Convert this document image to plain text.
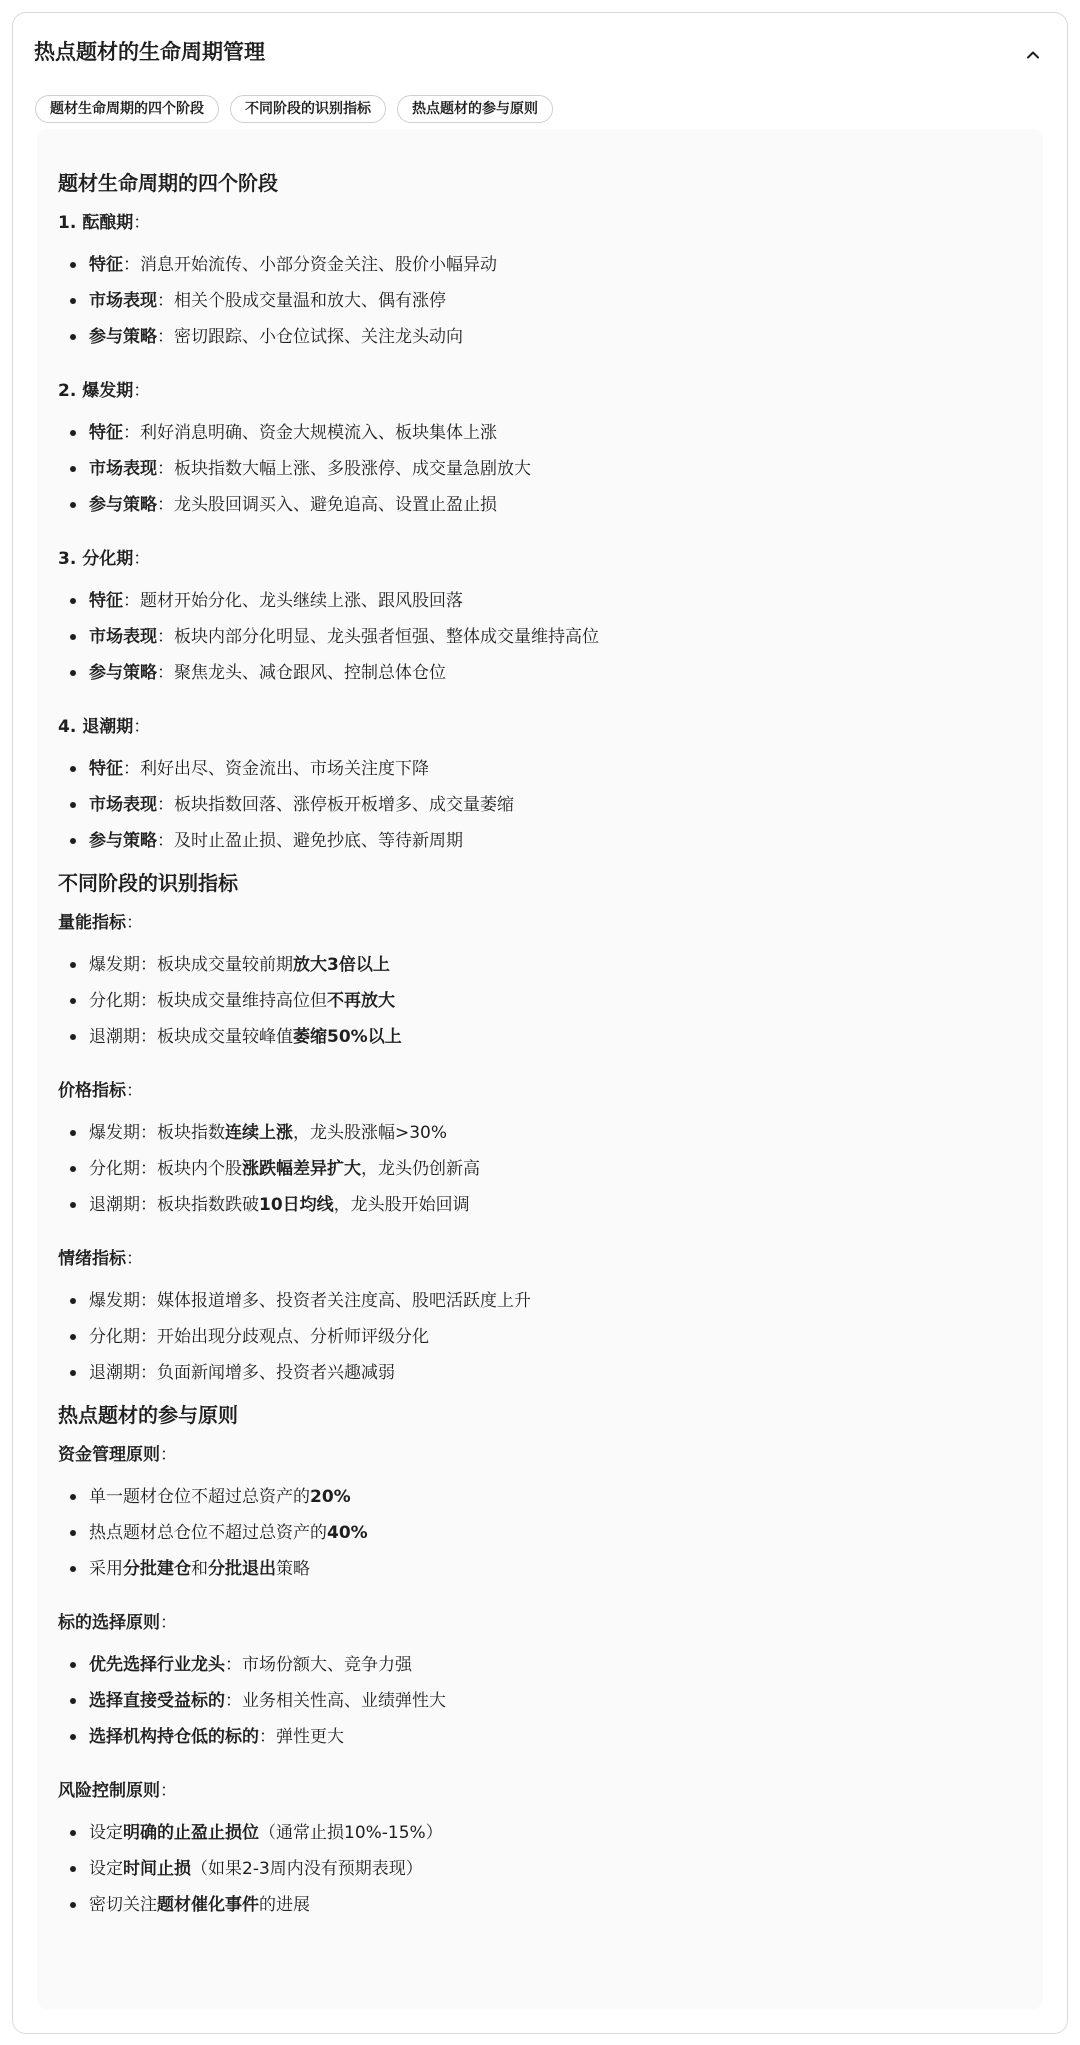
热点题材的生命周期管理
题材生命周期的四个阶段	不同阶段的识别指标	热点题材的参与原则
题材生命周期的四个阶段
1. 酝酿期：
特征：消息开始流传、小部分资金关注、股价小幅异动
市场表现：相关个股成交量温和放大、偶有涨停
参与策略：密切跟踪、小仓位试探、关注龙头动向
2. 爆发期：
特征：利好消息明确、资金大规模流入、板块集体上涨
市场表现：板块指数大幅上涨、多股涨停、成交量急剧放大
参与策略：龙头股回调买入、避免追高、设置止盈止损
3. 分化期：
特征：题材开始分化、龙头继续上涨、跟风股回落
市场表现：板块内部分化明显、龙头强者恒强、整体成交量维持高位
参与策略：聚焦龙头、减仓跟风、控制总体仓位
4. 退潮期：
特征：利好出尽、资金流出、市场关注度下降
市场表现：板块指数回落、涨停板开板增多、成交量萎缩
参与策略：及时止盈止损、避免抄底、等待新周期
不同阶段的识别指标
量能指标：
爆发期：板块成交量较前期放大3倍以上
分化期：板块成交量维持高位但不再放大
退潮期：板块成交量较峰值萎缩50%以上
价格指标：
爆发期：板块指数连续上涨，龙头股涨幅>30%
分化期：板块内个股涨跌幅差异扩大，龙头仍创新高
退潮期：板块指数跌破10日均线，龙头股开始回调
情绪指标：
爆发期：媒体报道增多、投资者关注度高、股吧活跃度上升
分化期：开始出现分歧观点、分析师评级分化
退潮期：负面新闻增多、投资者兴趣减弱
热点题材的参与原则
资金管理原则：
单一题材仓位不超过总资产的20%
热点题材总仓位不超过总资产的40%
采用分批建仓和分批退出策略
标的选择原则：
优先选择行业龙头：市场份额大、竞争力强
选择直接受益标的：业务相关性高、业绩弹性大
选择机构持仓低的标的：弹性更大
风险控制原则：
设定明确的止盈止损位（通常止损10%-15%）
设定时间止损（如果2-3周内没有预期表现）
密切关注题材催化事件的进展
